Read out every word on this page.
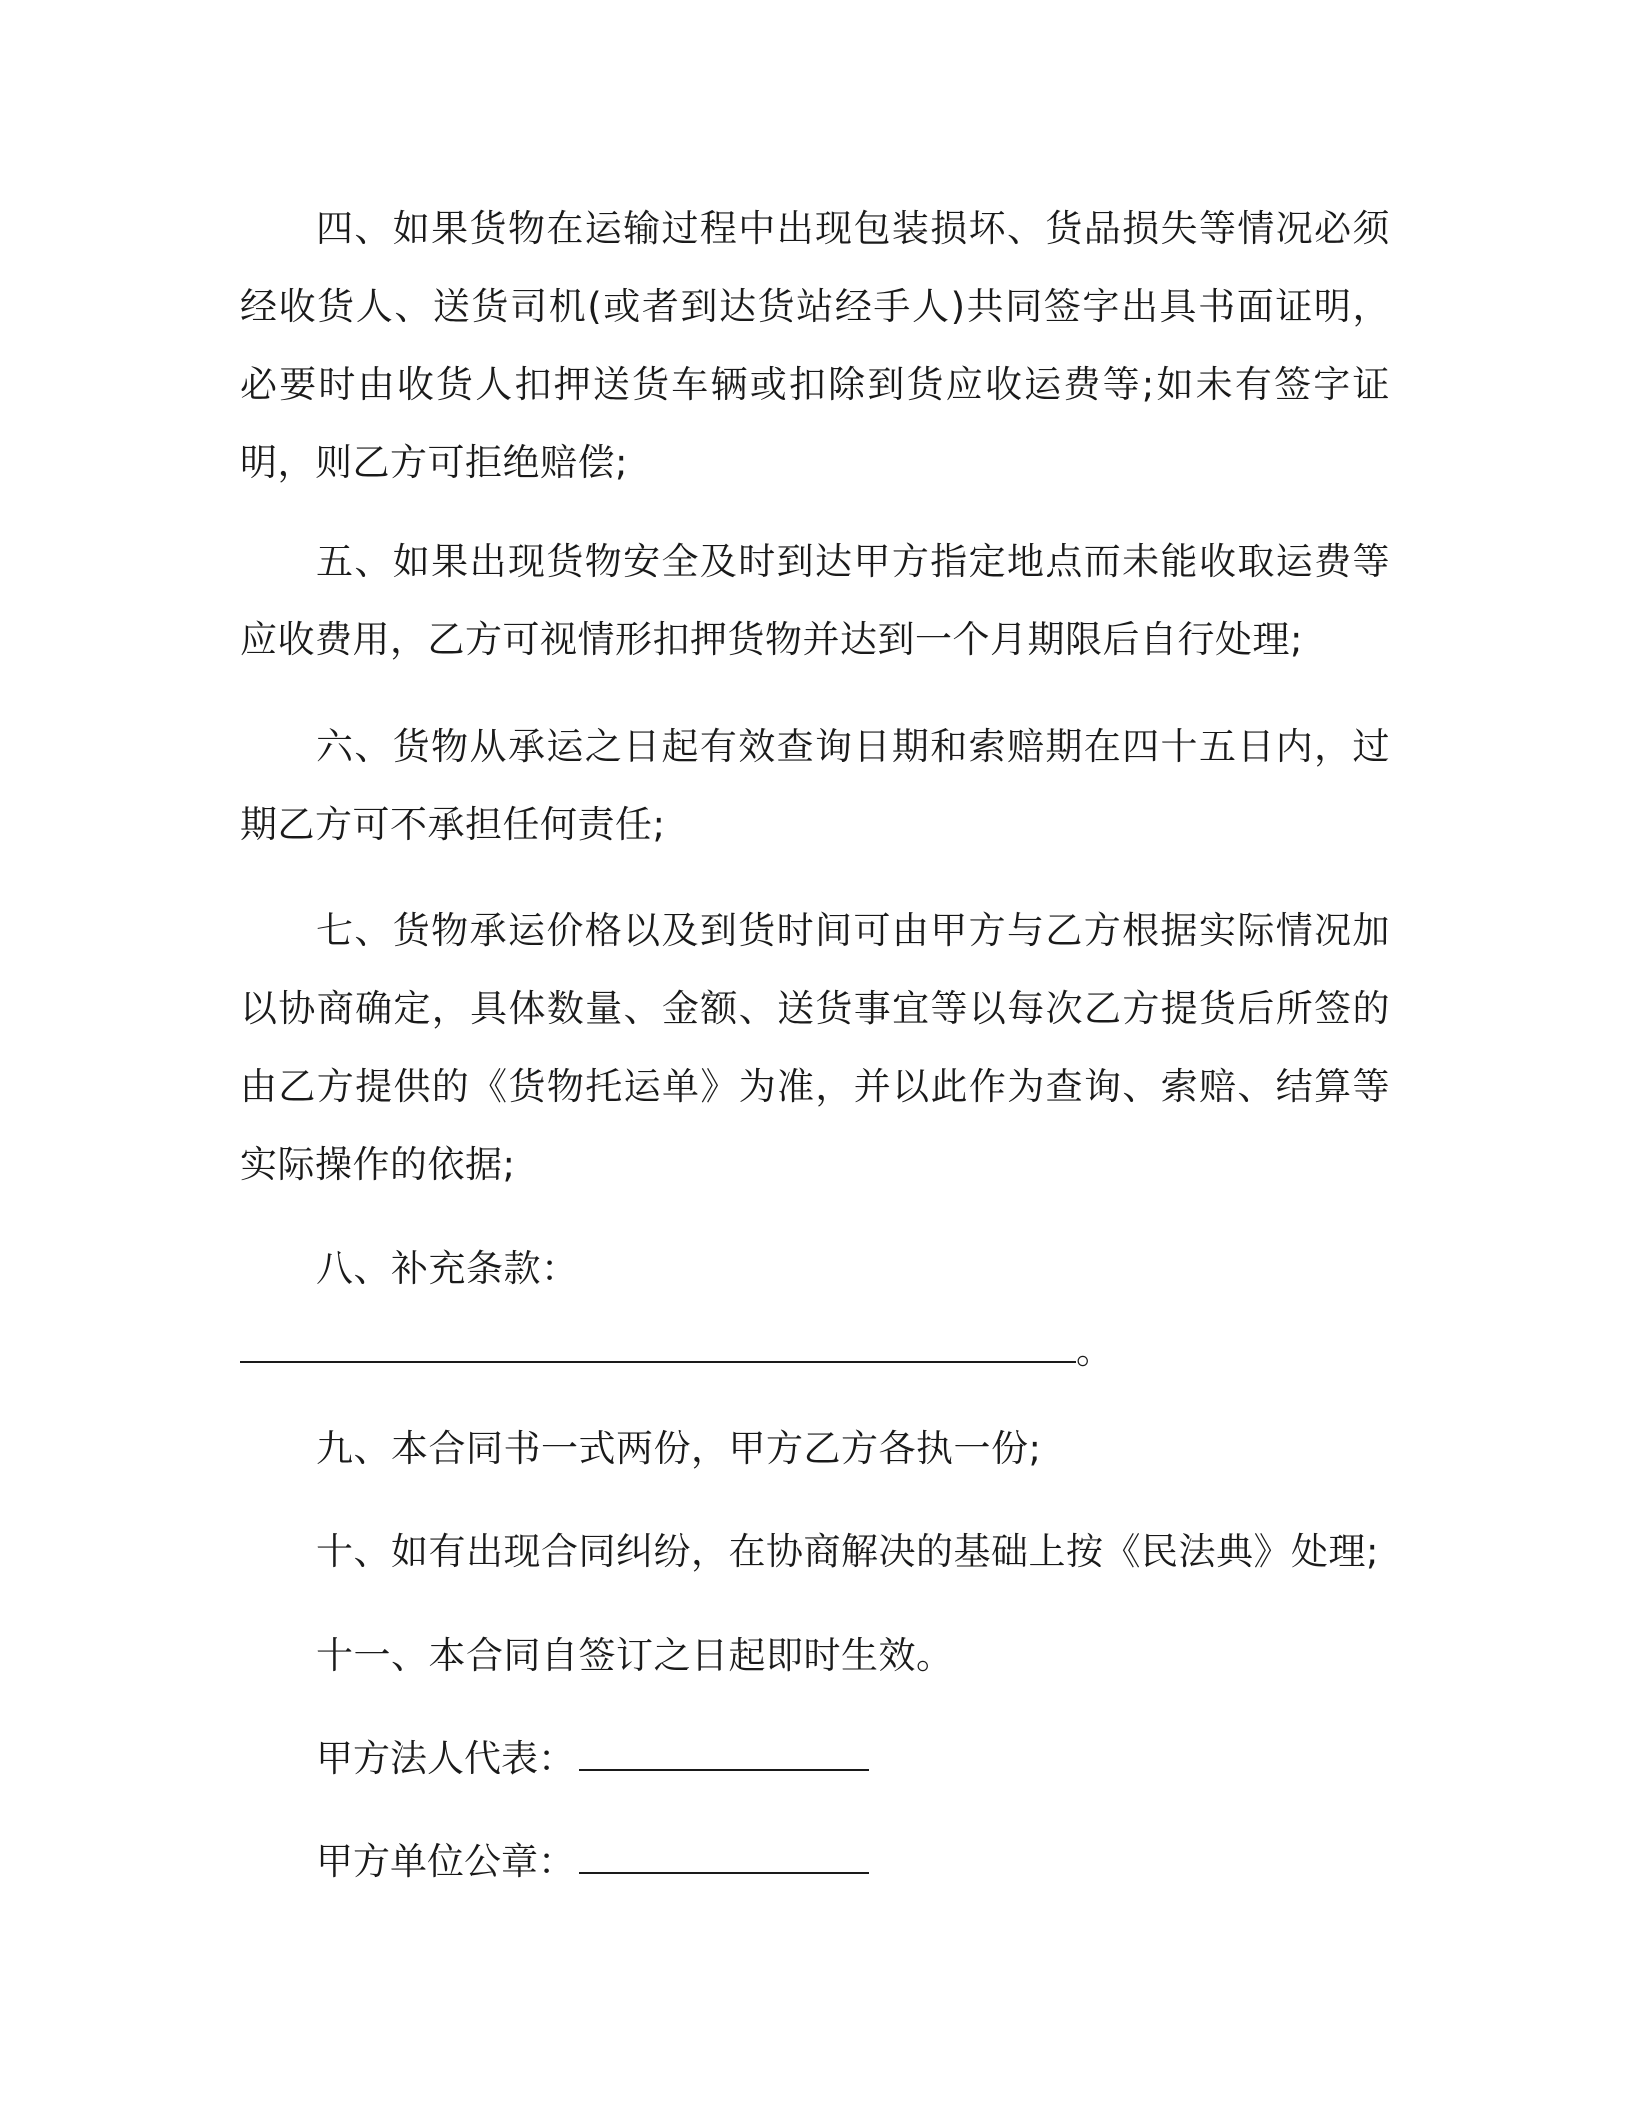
四、如果货物在运输过程中出现包装损坏、货品损失等情况必须经收货人、送货司机(或者到达货站经手人)共同签字出具书面证明，必要时由收货人扣押送货车辆或扣除到货应收运费等;如未有签字证明，则乙方可拒绝赔偿;

五、如果出现货物安全及时到达甲方指定地点而未能收取运费等应收费用，乙方可视情形扣押货物并达到一个月期限后自行处理;

六、货物从承运之日起有效查询日期和索赔期在四十五日内，过期乙方可不承担任何责任;

七、货物承运价格以及到货时间可由甲方与乙方根据实际情况加以协商确定，具体数量、金额、送货事宜等以每次乙方提货后所签的由乙方提供的《货物托运单》为准，并以此作为查询、索赔、结算等实际操作的依据;

八、补充条款：

。

九、本合同书一式两份，甲方乙方各执一份;

十、如有出现合同纠纷，在协商解决的基础上按《民法典》处理;

十一、本合同自签订之日起即时生效。

甲方法人代表：
甲方单位公章：
